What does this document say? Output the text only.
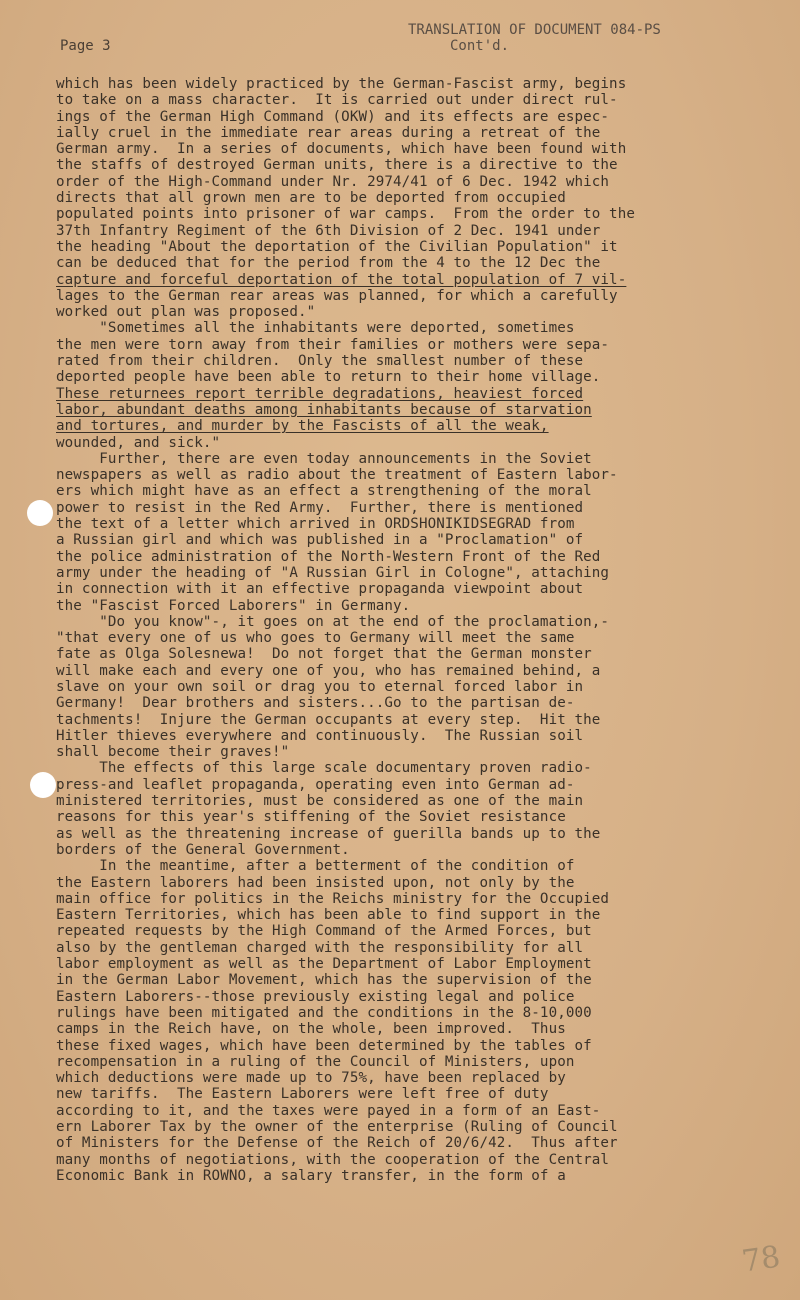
Page 3
TRANSLATION OF DOCUMENT 084-PS
Cont'd.
which has been widely practiced by the German-Fascist army, begins
to take on a mass character.  It is carried out under direct rul-
ings of the German High Command (OKW) and its effects are espec-
ially cruel in the immediate rear areas during a retreat of the
German army.  In a series of documents, which have been found with
the staffs of destroyed German units, there is a directive to the
order of the High-Command under Nr. 2974/41 of 6 Dec. 1942 which
directs that all grown men are to be deported from occupied
populated points into prisoner of war camps.  From the order to the
37th Infantry Regiment of the 6th Division of 2 Dec. 1941 under
the heading "About the deportation of the Civilian Population" it
can be deduced that for the period from the 4 to the 12 Dec the
capture and forceful deportation of the total population of 7 vil-
lages to the German rear areas was planned, for which a carefully
worked out plan was proposed."
"Sometimes all the inhabitants were deported, sometimes
the men were torn away from their families or mothers were sepa-
rated from their children.  Only the smallest number of these
deported people have been able to return to their home village.
These returnees report terrible degradations, heaviest forced
labor, abundant deaths among inhabitants because of starvation
and tortures, and murder by the Fascists of all the weak,
wounded, and sick."
Further, there are even today announcements in the Soviet
newspapers as well as radio about the treatment of Eastern labor-
ers which might have as an effect a strengthening of the moral
power to resist in the Red Army.  Further, there is mentioned
the text of a letter which arrived in ORDSHONIKIDSEGRAD from
a Russian girl and which was published in a "Proclamation" of
the police administration of the North-Western Front of the Red
army under the heading of "A Russian Girl in Cologne", attaching
in connection with it an effective propaganda viewpoint about
the "Fascist Forced Laborers" in Germany.
"Do you know"-, it goes on at the end of the proclamation,-
"that every one of us who goes to Germany will meet the same
fate as Olga Solesnewa!  Do not forget that the German monster
will make each and every one of you, who has remained behind, a
slave on your own soil or drag you to eternal forced labor in
Germany!  Dear brothers and sisters...Go to the partisan de-
tachments!  Injure the German occupants at every step.  Hit the
Hitler thieves everywhere and continuously.  The Russian soil
shall become their graves!"
The effects of this large scale documentary proven radio-
press-and leaflet propaganda, operating even into German ad-
ministered territories, must be considered as one of the main
reasons for this year's stiffening of the Soviet resistance
as well as the threatening increase of guerilla bands up to the
borders of the General Government.
In the meantime, after a betterment of the condition of
the Eastern laborers had been insisted upon, not only by the
main office for politics in the Reichs ministry for the Occupied
Eastern Territories, which has been able to find support in the
repeated requests by the High Command of the Armed Forces, but
also by the gentleman charged with the responsibility for all
labor employment as well as the Department of Labor Employment
in the German Labor Movement, which has the supervision of the
Eastern Laborers--those previously existing legal and police
rulings have been mitigated and the conditions in the 8-10,000
camps in the Reich have, on the whole, been improved.  Thus
these fixed wages, which have been determined by the tables of
recompensation in a ruling of the Council of Ministers, upon
which deductions were made up to 75%, have been replaced by
new tariffs.  The Eastern Laborers were left free of duty
according to it, and the taxes were payed in a form of an East-
ern Laborer Tax by the owner of the enterprise (Ruling of Council
of Ministers for the Defense of the Reich of 20/6/42.  Thus after
many months of negotiations, with the cooperation of the Central
Economic Bank in ROWNO, a salary transfer, in the form of a
78
